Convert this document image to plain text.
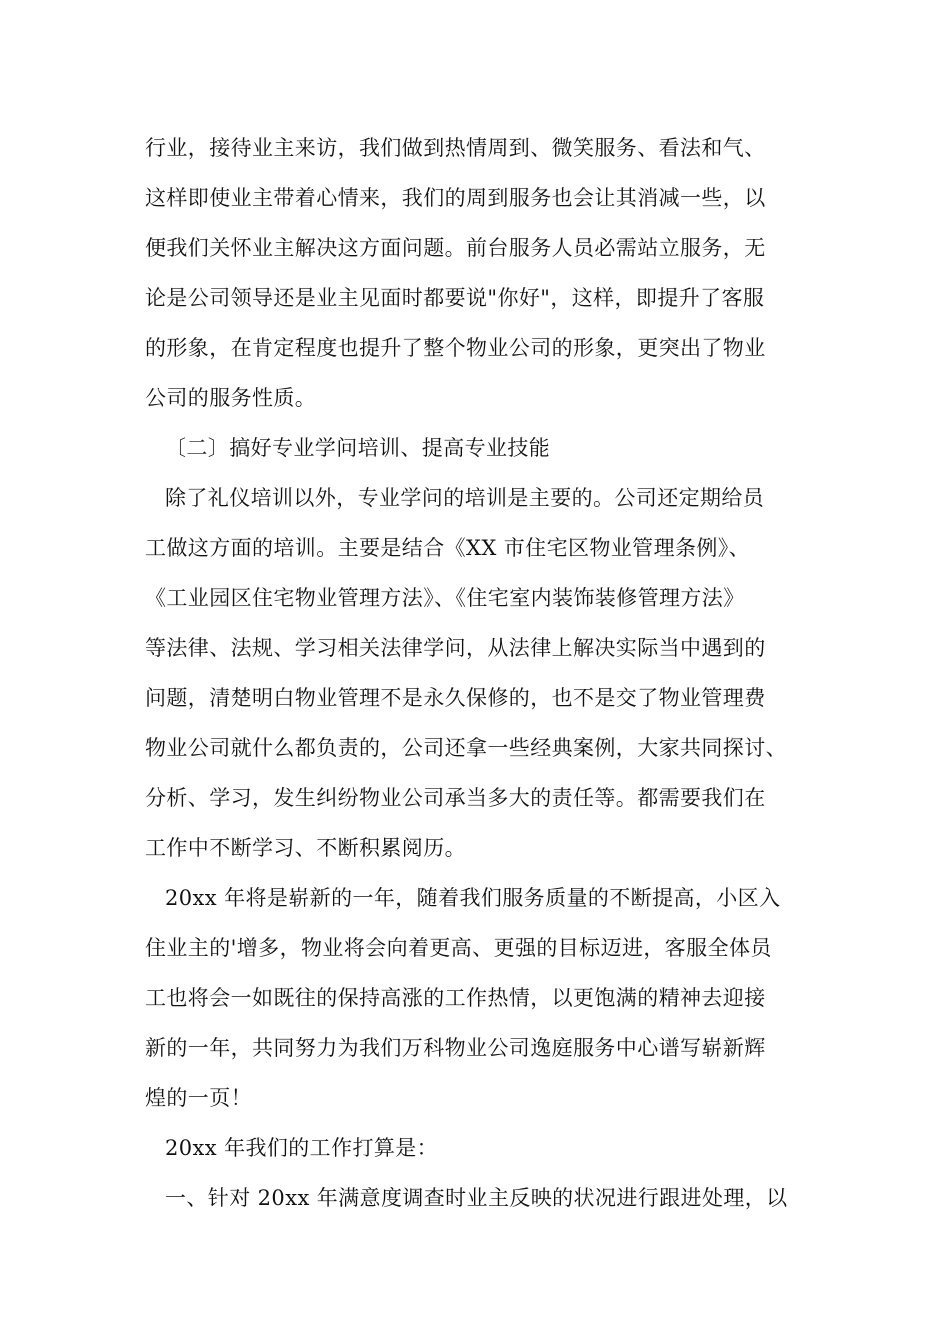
行业，接待业主来访，我们做到热情周到、微笑服务、看法和气、
这样即使业主带着心情来，我们的周到服务也会让其消减一些，以
便我们关怀业主解决这方面问题。前台服务人员必需站立服务，无
论是公司领导还是业主见面时都要说"你好"，这样，即提升了客服
的形象，在肯定程度也提升了整个物业公司的形象，更突出了物业
公司的服务性质。
〔二〕搞好专业学问培训、提高专业技能
除了礼仪培训以外，专业学问的培训是主要的。公司还定期给员
工做这方面的培训。主要是结合《XX 市住宅区物业管理条例》、
《工业园区住宅物业管理方法》、《住宅室内装饰装修管理方法》
等法律、法规、学习相关法律学问，从法律上解决实际当中遇到的
问题，清楚明白物业管理不是永久保修的，也不是交了物业管理费
物业公司就什么都负责的，公司还拿一些经典案例，大家共同探讨、
分析、学习，发生纠纷物业公司承当多大的责任等。都需要我们在
工作中不断学习、不断积累阅历。
20xx 年将是崭新的一年，随着我们服务质量的不断提高，小区入
住业主的'增多，物业将会向着更高、更强的目标迈进，客服全体员
工也将会一如既往的保持高涨的工作热情，以更饱满的精神去迎接
新的一年，共同努力为我们万科物业公司逸庭服务中心谱写崭新辉
煌的一页！
20xx 年我们的工作打算是：
一、针对 20xx 年满意度调查时业主反映的状况进行跟进处理，以
